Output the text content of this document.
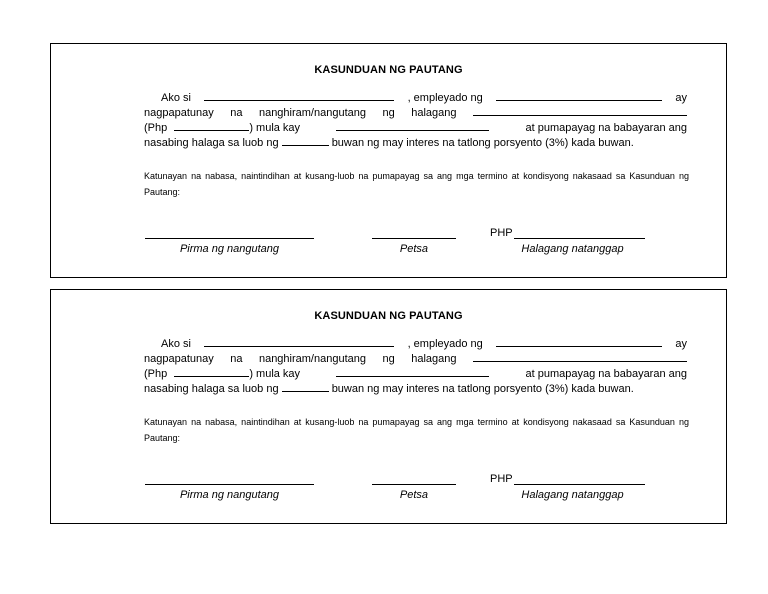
KASUNDUAN NG PAUTANG
Ako si	, empleyado ng	ay
nagpapatunay na nanghiram/nangutang ng halagang
(Php	) mula kay	at pumapayag na babayaran ang
nasabing halaga sa luob ng	buwan ng may interes na tatlong porsyento (3%) kada buwan.
Katunayan na nabasa, naintindihan at kusang-luob na pumapayag sa ang mga termino at kondisyong nakasaad sa Kasunduan ng Pautang:
PHP
Pirma ng nangutang	Petsa	Halagang natanggap
KASUNDUAN NG PAUTANG
Ako si	, empleyado ng	ay
nagpapatunay na nanghiram/nangutang ng halagang
(Php	) mula kay	at pumapayag na babayaran ang
nasabing halaga sa luob ng	buwan ng may interes na tatlong porsyento (3%) kada buwan.
Katunayan na nabasa, naintindihan at kusang-luob na pumapayag sa ang mga termino at kondisyong nakasaad sa Kasunduan ng Pautang:
PHP
Pirma ng nangutang	Petsa	Halagang natanggap
